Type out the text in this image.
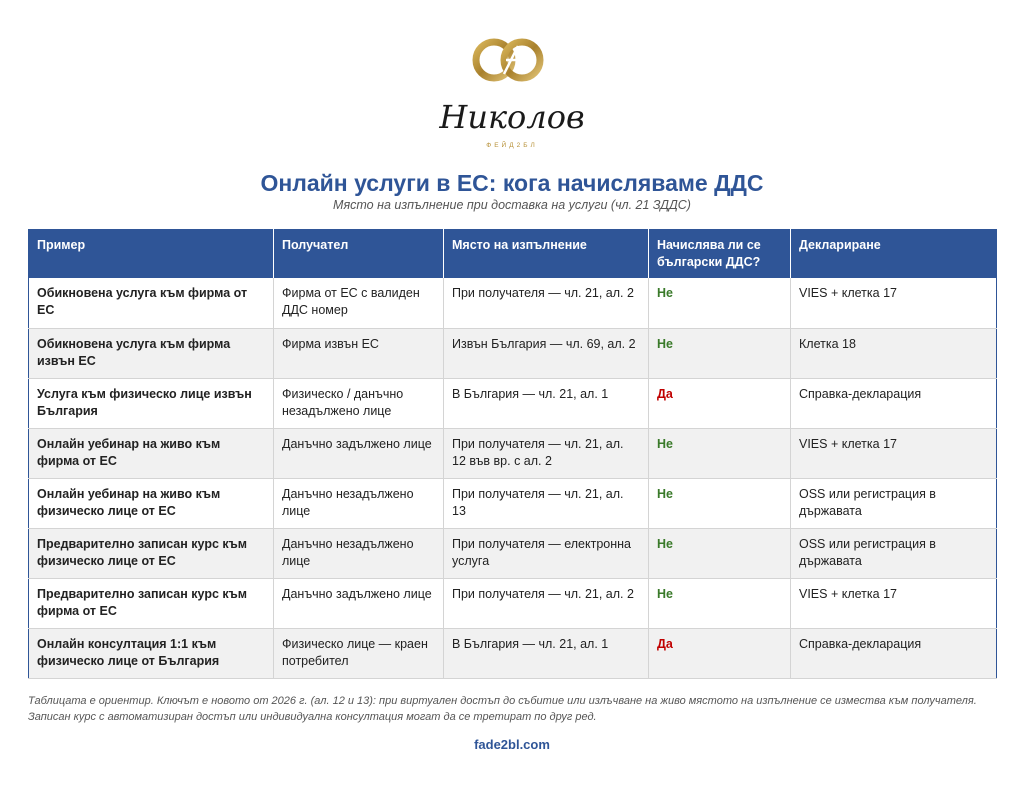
Николов
ФЕЙД2БЛ
Онлайн услуги в ЕС: кога начисляваме ДДС
Място на изпълнение при доставка на услуги (чл. 21 ЗДДС)
Пример	Получател	Място на изпълнение	Начислява ли се български ДДС?	Деклариране
Обикновена услуга към фирма от ЕС	Фирма от ЕС с валиден ДДС номер	При получателя — чл. 21, ал. 2	Не	VIES + клетка 17
Обикновена услуга към фирма извън ЕС	Фирма извън ЕС	Извън България — чл. 69, ал. 2	Не	Клетка 18
Услуга към физическо лице извън България	Физическо / данъчно незадължено лице	В България — чл. 21, ал. 1	Да	Справка-декларация
Онлайн уебинар на живо към фирма от ЕС	Данъчно задължено лице	При получателя — чл. 21, ал. 12 във вр. с ал. 2	Не	VIES + клетка 17
Онлайн уебинар на живо към физическо лице от ЕС	Данъчно незадължено лице	При получателя — чл. 21, ал. 13	Не	OSS или регистрация в държавата
Предварително записан курс към физическо лице от ЕС	Данъчно незадължено лице	При получателя — електронна услуга	Не	OSS или регистрация в държавата
Предварително записан курс към фирма от ЕС	Данъчно задължено лице	При получателя — чл. 21, ал. 2	Не	VIES + клетка 17
Онлайн консултация 1:1 към физическо лице от България	Физическо лице — краен потребител	В България — чл. 21, ал. 1	Да	Справка-декларация
Таблицата е ориентир. Ключът е новото от 2026 г. (ал. 12 и 13): при виртуален достъп до събитие или излъчване на живо мястото на изпълнение се измества към получателя. Записан курс с автоматизиран достъп или индивидуална консултация могат да се третират по друг ред.
fade2bl.com
